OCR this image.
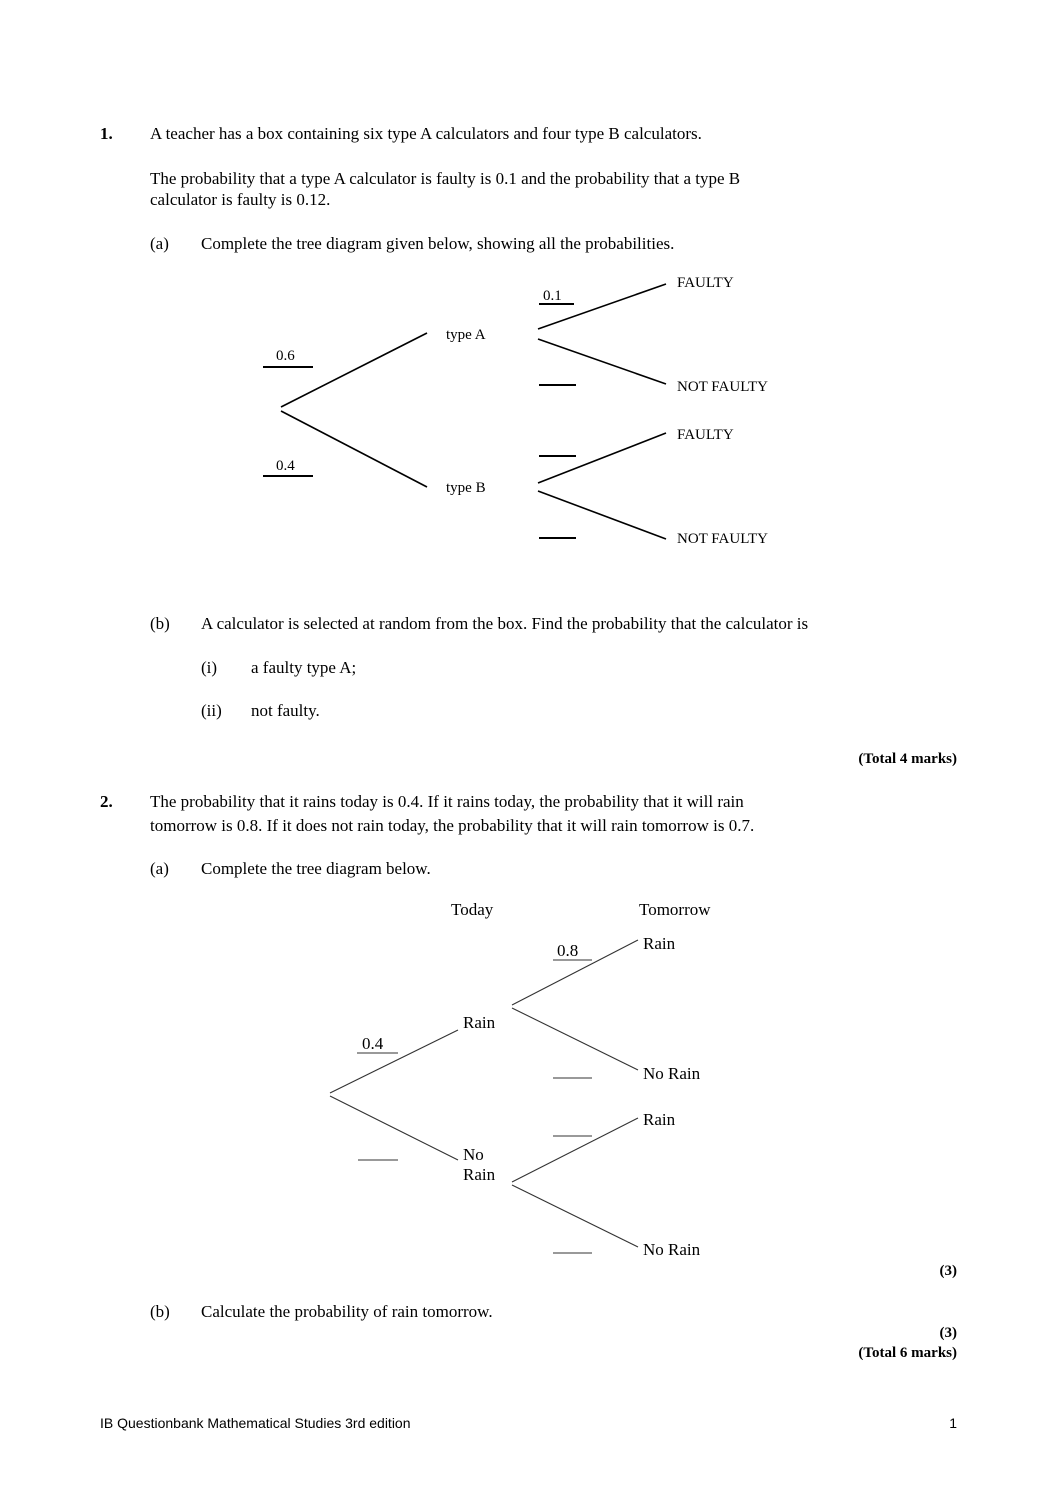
1. A teacher has a box containing six type A calculators and four type B calculators.
The probability that a type A calculator is faulty is 0.1 and the probability that a type B
calculator is faulty is 0.12.
(a) Complete the tree diagram given below, showing all the probabilities.
0.6
0.4
0.1
type A
type B
FAULTY
NOT FAULTY
FAULTY
NOT FAULTY
(b) A calculator is selected at random from the box. Find the probability that the calculator is
(i) a faulty type A;
(ii) not faulty.
(Total 4 marks)
2. The probability that it rains today is 0.4. If it rains today, the probability that it will rain
tomorrow is 0.8. If it does not rain today, the probability that it will rain tomorrow is 0.7.
(a) Complete the tree diagram below.
Today	Tomorrow
0.4
0.8
Rain
No
Rain
Rain
No Rain
Rain
No Rain
(3)
(b) Calculate the probability of rain tomorrow.
(3)
(Total 6 marks)
IB Questionbank Mathematical Studies 3rd edition	1
